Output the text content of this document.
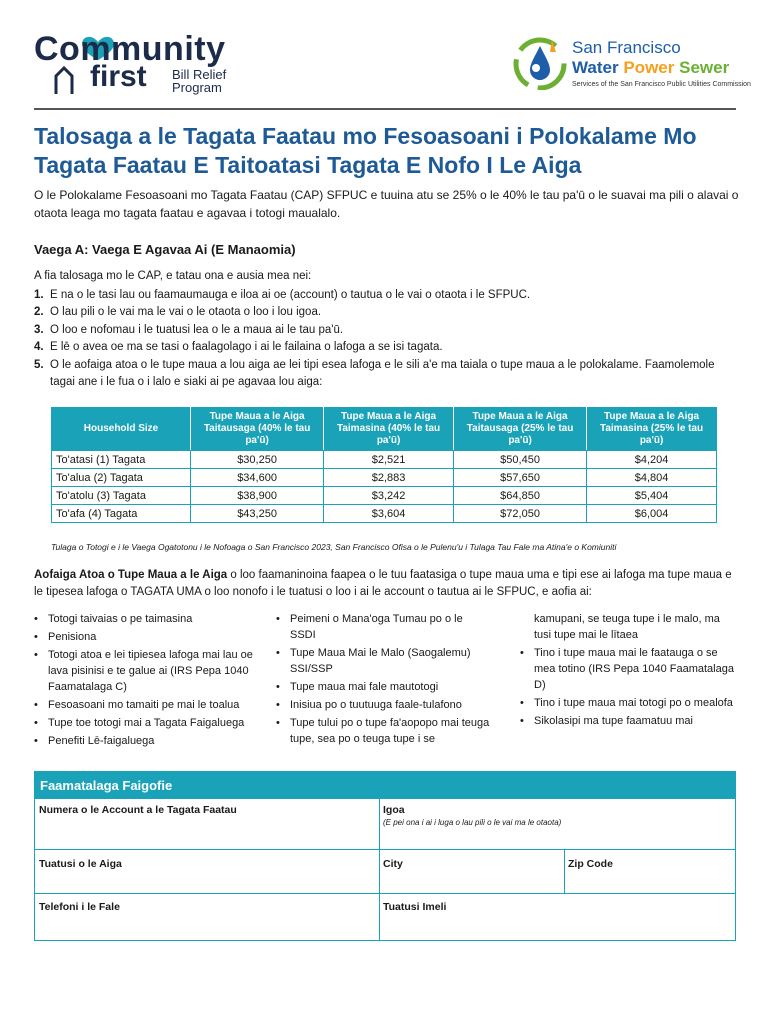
Community
first Bill Relief
Program
San Francisco
Water Power Sewer
Services of the San Francisco Public Utilities Commission
Talosaga a le Tagata Faatau mo Fesoasoani i Polokalame Mo Tagata Faatau E Taitoatasi Tagata E Nofo I Le Aiga
O le Polokalame Fesoasoani mo Tagata Faatau (CAP) SFPUC e tuuina atu se 25% o le 40% le tau pa'ū o le suavai ma pili o alavai o otaota leaga mo tagata faatau e agavaa i totogi maualalo.
Vaega A: Vaega E Agavaa Ai (E Manaomia)
A fia talosaga mo le CAP, e tatau ona e ausia mea nei:
1. E na o le tasi lau ou faamaumauga e iloa ai oe (account) o tautua o le vai o otaota i le SFPUC.
2. O lau pili o le vai ma le vai o le otaota o loo i lou igoa.
3. O loo e nofomau i le tuatusi lea o le a maua ai le tau pa'ū.
4. E lē o avea oe ma se tasi o faalagolago i ai le failaina o lafoga a se isi tagata.
5. O le aofaiga atoa o le tupe maua a lou aiga ae lei tipi esea lafoga e le sili a'e ma taiala o tupe maua a le polokalame. Faamolemole tagai ane i le fua o i lalo e siaki ai pe agavaa lou aiga:
Household Size	Tupe Maua a le Aiga Taitausaga (40% le tau pa'ū)	Tupe Maua a le Aiga Taimasina (40% le tau pa'ū)	Tupe Maua a le Aiga Taitausaga (25% le tau pa'ū)	Tupe Maua a le Aiga Taimasina (25% le tau pa'ū)
To'atasi (1) Tagata	$30,250	$2,521	$50,450	$4,204
To'alua (2) Tagata	$34,600	$2,883	$57,650	$4,804
To'atolu (3) Tagata	$38,900	$3,242	$64,850	$5,404
To'afa (4) Tagata	$43,250	$3,604	$72,050	$6,004
Tulaga o Totogi e i le Vaega Ogatotonu i le Nofoaga o San Francisco 2023, San Francisco Ofisa o le Pulenu'u i Tulaga Tau Fale ma Atina'e o Komiuniti
Aofaiga Atoa o Tupe Maua a le Aiga o loo faamaninoina faapea o le tuu faatasiga o tupe maua uma e tipi ese ai lafoga ma tupe maua e le tipesea lafoga o TAGATA UMA o loo nonofo i le tuatusi o loo i ai le account o tautua ai le SFPUC, e aofia ai:
• Totogi taivaias o pe taimasina
• Penisiona
• Totogi atoa e lei tipiesea lafoga mai lau oe lava pisinisi e te galue ai (IRS Pepa 1040 Faamatalaga C)
• Fesoasoani mo tamaiti pe mai le toalua
• Tupe toe totogi mai a Tagata Faigaluega
• Penefiti Lē-faigaluega
• Peimeni o Mana'oga Tumau po o le SSDI
• Tupe Maua Mai le Malo (Saogalemu) SSI/SSP
• Tupe maua mai fale mautotogi
• Inisiua po o tuutuuga faale-tulafono
• Tupe tului po o tupe fa'aopopo mai teuga tupe, sea po o teuga tupe i se
kamupani, se teuga tupe i le malo, ma tusi tupe mai le lītaea
• Tino i tupe maua mai le faatauga o se mea totino (IRS Pepa 1040 Faamatalaga D)
• Tino i tupe maua mai totogi po o mealofa
• Sikolasipi ma tupe faamatuu mai
Faamatalaga Faigofie
Numera o le Account a le Tagata Faatau	Igoa
(E pei ona i ai i luga o lau pili o le vai ma le otaota)
Tuatusi o le Aiga	City	Zip Code
Telefoni i le Fale	Tuatusi Imeli
